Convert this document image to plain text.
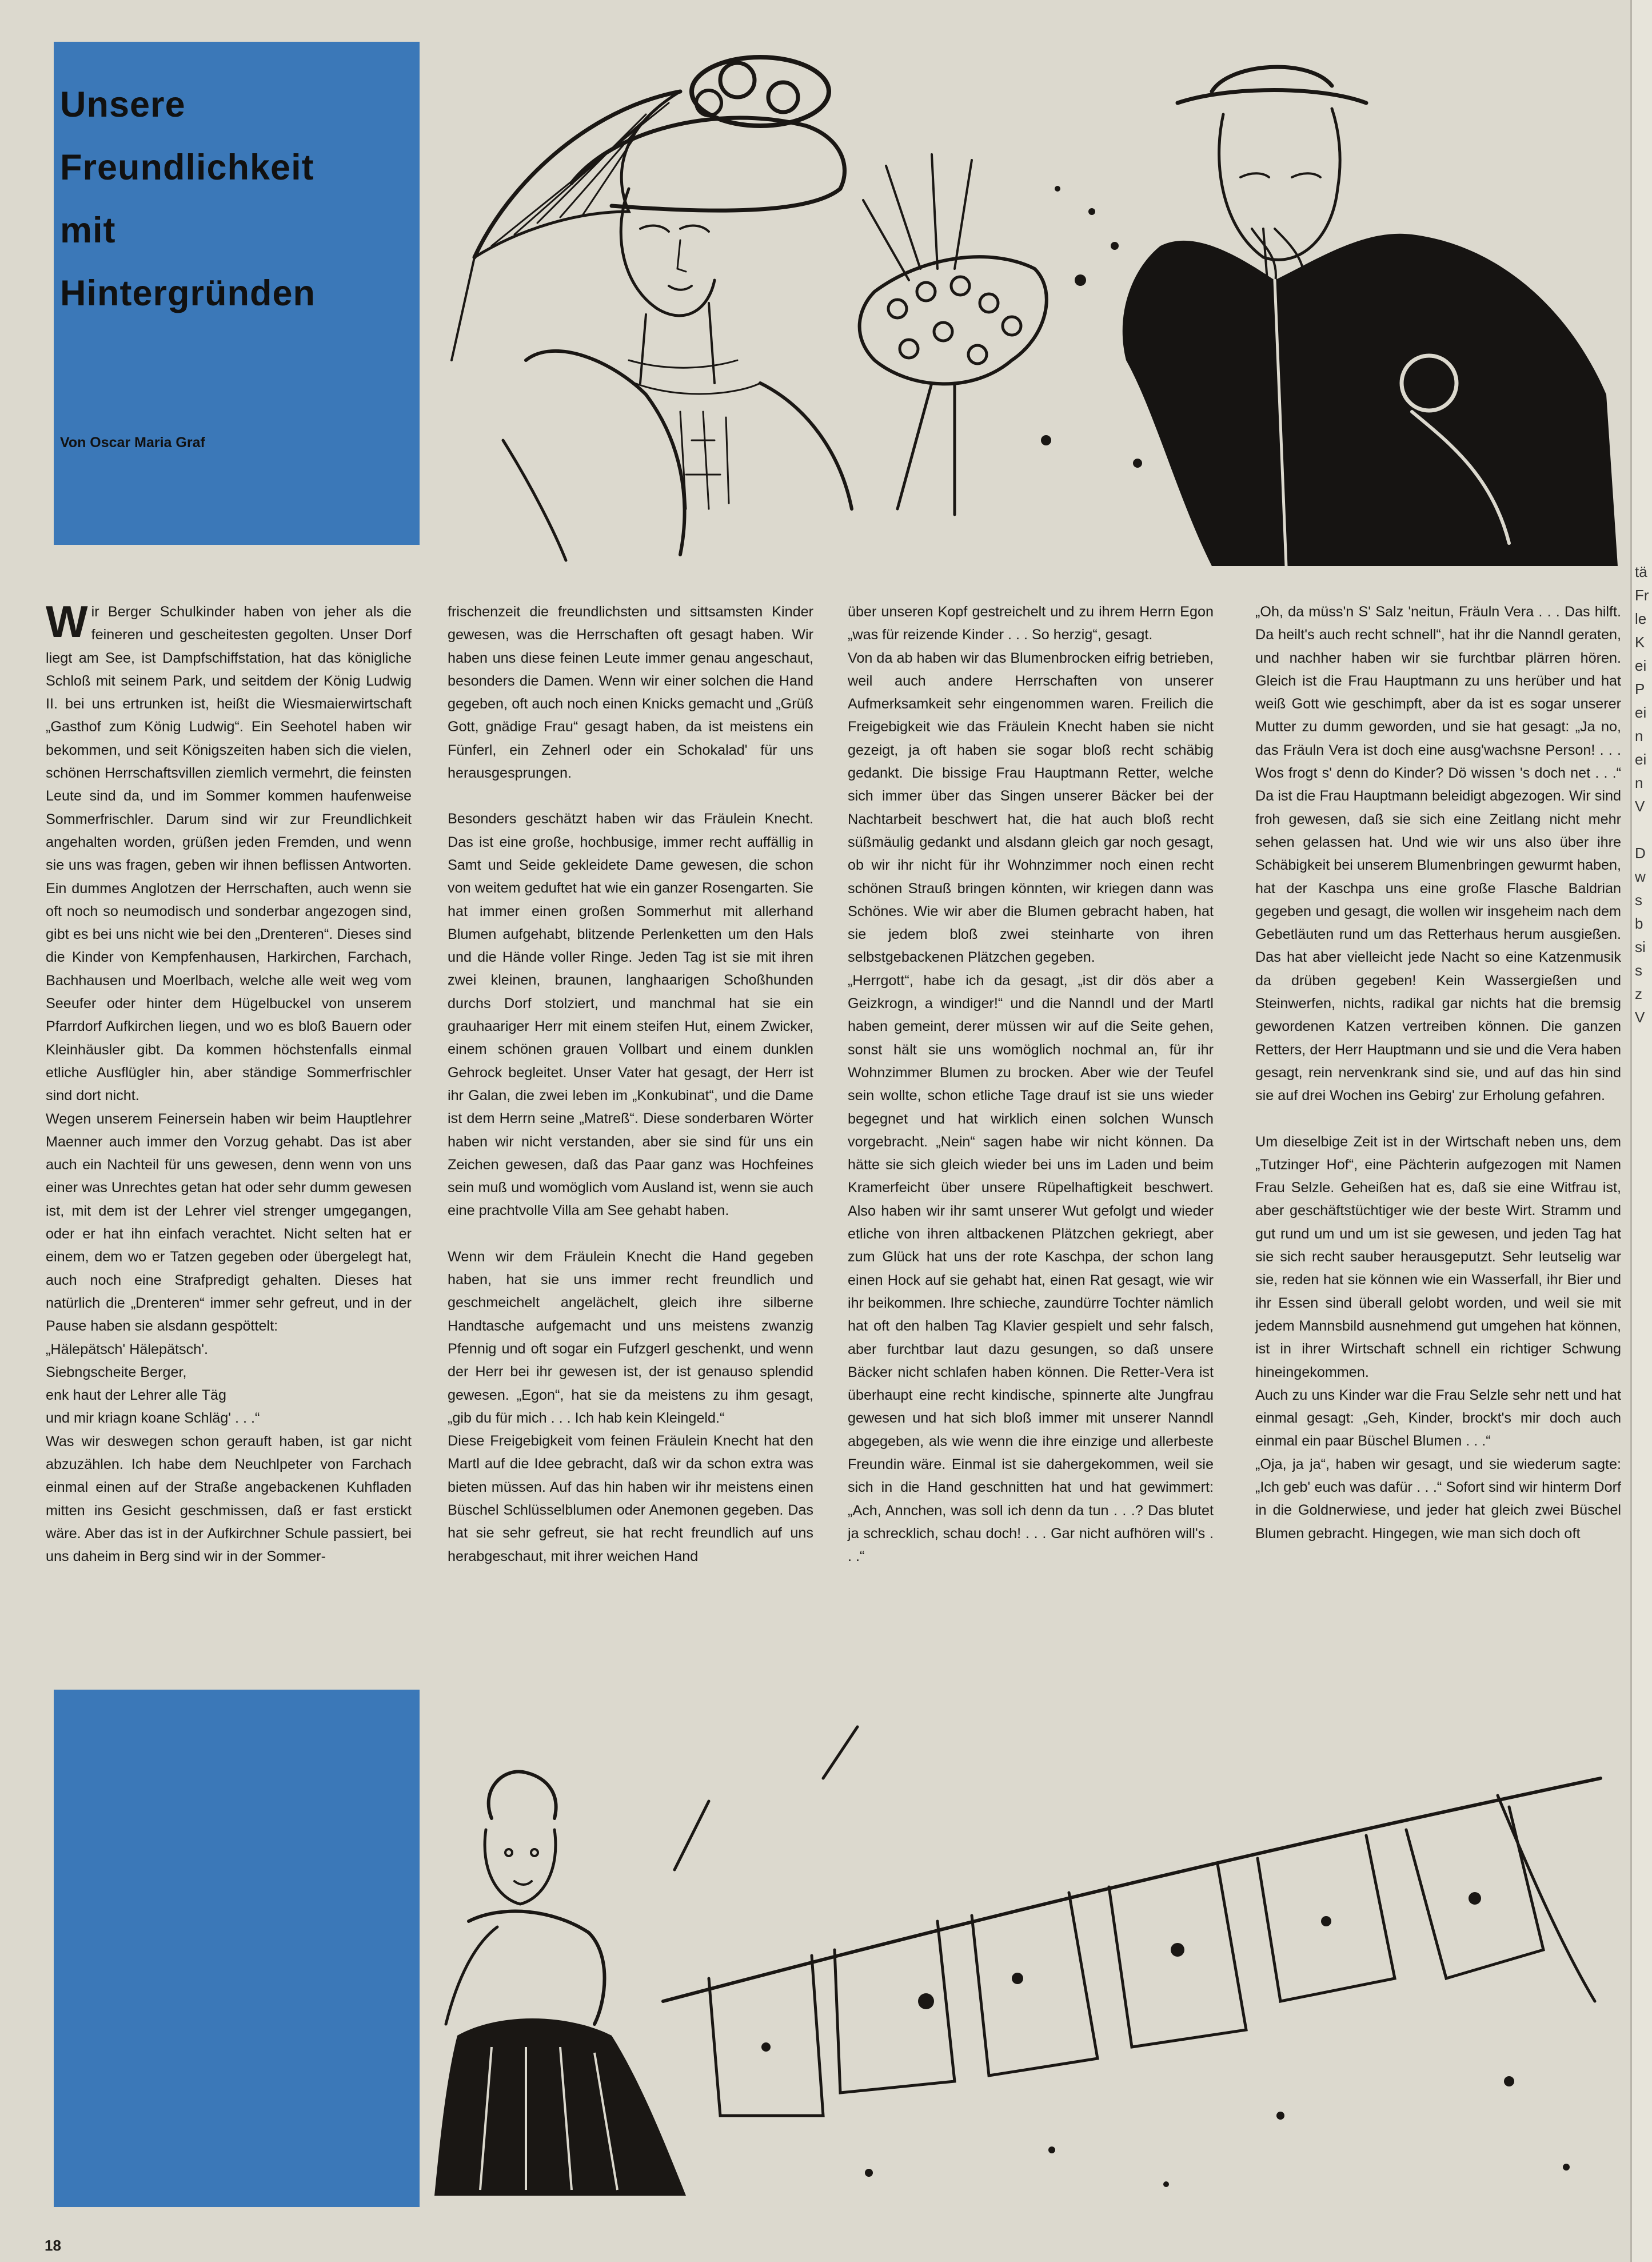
tä
Fr
le
K
ei
P
ei
n
ei
n
V

D
w
s
b
si
s
z
V
Unsere
Freundlichkeit
mit
Hintergründen
Von Oscar Maria Graf

Wir Berger Schulkinder haben von jeher als die feineren und gescheitesten gegolten. Unser Dorf liegt am See, ist Dampfschiffstation, hat das königliche Schloß mit seinem Park, und seitdem der König Ludwig II. bei uns ertrunken ist, heißt die Wiesmaierwirtschaft „Gasthof zum König Ludwig“. Ein Seehotel haben wir bekommen, und seit Königszeiten haben sich die vielen, schönen Herrschaftsvillen ziemlich vermehrt, die feinsten Leute sind da, und im Sommer kommen haufenweise Sommerfrischler. Darum sind wir zur Freundlichkeit angehalten worden, grüßen jeden Fremden, und wenn sie uns was fragen, geben wir ihnen beflissen Antworten. Ein dummes Anglotzen der Herrschaften, auch wenn sie oft noch so neumodisch und sonderbar angezogen sind, gibt es bei uns nicht wie bei den „Drenteren“. Dieses sind die Kinder von Kempfenhausen, Harkirchen, Farchach, Bachhausen und Moerlbach, welche alle weit weg vom Seeufer oder hinter dem Hügelbuckel von unserem Pfarrdorf Aufkirchen liegen, und wo es bloß Bauern oder Kleinhäusler gibt. Da kommen höchstenfalls einmal etliche Ausflügler hin, aber ständige Sommerfrischler sind dort nicht.

Wegen unserem Feinersein haben wir beim Hauptlehrer Maenner auch immer den Vorzug gehabt. Das ist aber auch ein Nachteil für uns gewesen, denn wenn von uns einer was Unrechtes getan hat oder sehr dumm gewesen ist, mit dem ist der Lehrer viel strenger umgegangen, oder er hat ihn einfach verachtet. Nicht selten hat er einem, dem wo er Tatzen gegeben oder übergelegt hat, auch noch eine Strafpredigt gehalten. Dieses hat natürlich die „Drenteren“ immer sehr gefreut, und in der Pause haben sie alsdann gespöttelt:

„Hälepätsch' Hälepätsch'.

Siebngscheite Berger,

enk haut der Lehrer alle Täg

und mir kriagn koane Schläg' . . .“

Was wir deswegen schon gerauft haben, ist gar nicht abzuzählen. Ich habe dem Neuchlpeter von Farchach einmal einen auf der Straße angebackenen Kuhfladen mitten ins Gesicht geschmissen, daß er fast erstickt wäre. Aber das ist in der Aufkirchner Schule passiert, bei uns daheim in Berg sind wir in der Sommer-

frischenzeit die freundlichsten und sittsamsten Kinder gewesen, was die Herrschaften oft gesagt haben. Wir haben uns diese feinen Leute immer genau angeschaut, besonders die Damen. Wenn wir einer solchen die Hand gegeben, oft auch noch einen Knicks gemacht und „Grüß Gott, gnädige Frau“ gesagt haben, da ist meistens ein Fünferl, ein Zehnerl oder ein Schokalad' für uns herausgesprungen.

Besonders geschätzt haben wir das Fräulein Knecht. Das ist eine große, hochbusige, immer recht auffällig in Samt und Seide gekleidete Dame gewesen, die schon von weitem geduftet hat wie ein ganzer Rosengarten. Sie hat immer einen großen Sommerhut mit allerhand Blumen aufgehabt, blitzende Perlenketten um den Hals und die Hände voller Ringe. Jeden Tag ist sie mit ihren zwei kleinen, braunen, langhaarigen Schoßhunden durchs Dorf stolziert, und manchmal hat sie ein grauhaariger Herr mit einem steifen Hut, einem Zwicker, einem schönen grauen Vollbart und einem dunklen Gehrock begleitet. Unser Vater hat gesagt, der Herr ist ihr Galan, die zwei leben im „Konkubinat“, und die Dame ist dem Herrn seine „Matreß“. Diese sonderbaren Wörter haben wir nicht verstanden, aber sie sind für uns ein Zeichen gewesen, daß das Paar ganz was Hochfeines sein muß und womöglich vom Ausland ist, wenn sie auch eine prachtvolle Villa am See gehabt haben.

Wenn wir dem Fräulein Knecht die Hand gegeben haben, hat sie uns immer recht freundlich und geschmeichelt angelächelt, gleich ihre silberne Handtasche aufgemacht und uns meistens zwanzig Pfennig und oft sogar ein Fufzgerl geschenkt, und wenn der Herr bei ihr gewesen ist, der ist genauso splendid gewesen. „Egon“, hat sie da meistens zu ihm gesagt, „gib du für mich . . . Ich hab kein Kleingeld.“

Diese Freigebigkeit vom feinen Fräulein Knecht hat den Martl auf die Idee gebracht, daß wir da schon extra was bieten müssen. Auf das hin haben wir ihr meistens einen Büschel Schlüsselblumen oder Anemonen gegeben. Das hat sie sehr gefreut, sie hat recht freundlich auf uns herabgeschaut, mit ihrer weichen Hand

über unseren Kopf gestreichelt und zu ihrem Herrn Egon „was für reizende Kinder . . . So herzig“, gesagt.

Von da ab haben wir das Blumenbrocken eifrig betrieben, weil auch andere Herrschaften von unserer Aufmerksamkeit sehr eingenommen waren. Freilich die Freigebigkeit wie das Fräulein Knecht haben sie nicht gezeigt, ja oft haben sie sogar bloß recht schäbig gedankt. Die bissige Frau Hauptmann Retter, welche sich immer über das Singen unserer Bäcker bei der Nachtarbeit beschwert hat, die hat auch bloß recht süßmäulig gedankt und alsdann gleich gar noch gesagt, ob wir ihr nicht für ihr Wohnzimmer noch einen recht schönen Strauß bringen könnten, wir kriegen dann was Schönes. Wie wir aber die Blumen gebracht haben, hat sie jedem bloß zwei steinharte von ihren selbstgebackenen Plätzchen gegeben.

„Herrgott“, habe ich da gesagt, „ist dir dös aber a Geizkrogn, a windiger!“ und die Nanndl und der Martl haben gemeint, derer müssen wir auf die Seite gehen, sonst hält sie uns womöglich nochmal an, für ihr Wohnzimmer Blumen zu brocken. Aber wie der Teufel sein wollte, schon etliche Tage drauf ist sie uns wieder begegnet und hat wirklich einen solchen Wunsch vorgebracht. „Nein“ sagen habe wir nicht können. Da hätte sie sich gleich wieder bei uns im Laden und beim Kramerfeicht über unsere Rüpelhaftigkeit beschwert. Also haben wir ihr samt unserer Wut gefolgt und wieder etliche von ihren altbackenen Plätzchen gekriegt, aber zum Glück hat uns der rote Kaschpa, der schon lang einen Hock auf sie gehabt hat, einen Rat gesagt, wie wir ihr beikommen. Ihre schieche, zaundürre Tochter nämlich hat oft den halben Tag Klavier gespielt und sehr falsch, aber furchtbar laut dazu gesungen, so daß unsere Bäcker nicht schlafen haben können. Die Retter-Vera ist überhaupt eine recht kindische, spinnerte alte Jungfrau gewesen und hat sich bloß immer mit unserer Nanndl abgegeben, als wie wenn die ihre einzige und allerbeste Freundin wäre. Einmal ist sie dahergekommen, weil sie sich in die Hand geschnitten hat und hat gewimmert: „Ach, Annchen, was soll ich denn da tun . . .? Das blutet ja schrecklich, schau doch! . . . Gar nicht aufhören will's . . .“

„Oh, da müss'n S' Salz 'neitun, Fräuln Vera . . . Das hilft. Da heilt's auch recht schnell“, hat ihr die Nanndl geraten, und nachher haben wir sie furchtbar plärren hören. Gleich ist die Frau Hauptmann zu uns herüber und hat weiß Gott wie geschimpft, aber da ist es sogar unserer Mutter zu dumm geworden, und sie hat gesagt: „Ja no, das Fräuln Vera ist doch eine ausg'wachsne Person! . . . Wos frogt s' denn do Kinder? Dö wissen 's doch net . . .“ Da ist die Frau Hauptmann beleidigt abgezogen. Wir sind froh gewesen, daß sie sich eine Zeitlang nicht mehr sehen gelassen hat. Und wie wir uns also über ihre Schäbigkeit bei unserem Blumenbringen gewurmt haben, hat der Kaschpa uns eine große Flasche Baldrian gegeben und gesagt, die wollen wir insgeheim nach dem Gebetläuten rund um das Retterhaus herum ausgießen. Das hat aber vielleicht jede Nacht so eine Katzenmusik da drüben gegeben! Kein Wassergießen und Steinwerfen, nichts, radikal gar nichts hat die bremsig gewordenen Katzen vertreiben können. Die ganzen Retters, der Herr Hauptmann und sie und die Vera haben gesagt, rein nervenkrank sind sie, und auf das hin sind sie auf drei Wochen ins Gebirg' zur Erholung gefahren.

Um dieselbige Zeit ist in der Wirtschaft neben uns, dem „Tutzinger Hof“, eine Pächterin aufgezogen mit Namen Frau Selzle. Geheißen hat es, daß sie eine Witfrau ist, aber geschäftstüchtiger wie der beste Wirt. Stramm und gut rund um und um ist sie gewesen, und jeden Tag hat sie sich recht sauber herausgeputzt. Sehr leutselig war sie, reden hat sie können wie ein Wasserfall, ihr Bier und ihr Essen sind überall gelobt worden, und weil sie mit jedem Mannsbild ausnehmend gut umgehen hat können, ist in ihrer Wirtschaft schnell ein richtiger Schwung hineingekommen.

Auch zu uns Kinder war die Frau Selzle sehr nett und hat einmal gesagt: „Geh, Kinder, brockt's mir doch auch einmal ein paar Büschel Blumen . . .“

„Oja, ja ja“, haben wir gesagt, und sie wiederum sagte: „Ich geb' euch was dafür . . .“ Sofort sind wir hinterm Dorf in die Goldnerwiese, und jeder hat gleich zwei Büschel Blumen gebracht. Hingegen, wie man sich doch oft

18
